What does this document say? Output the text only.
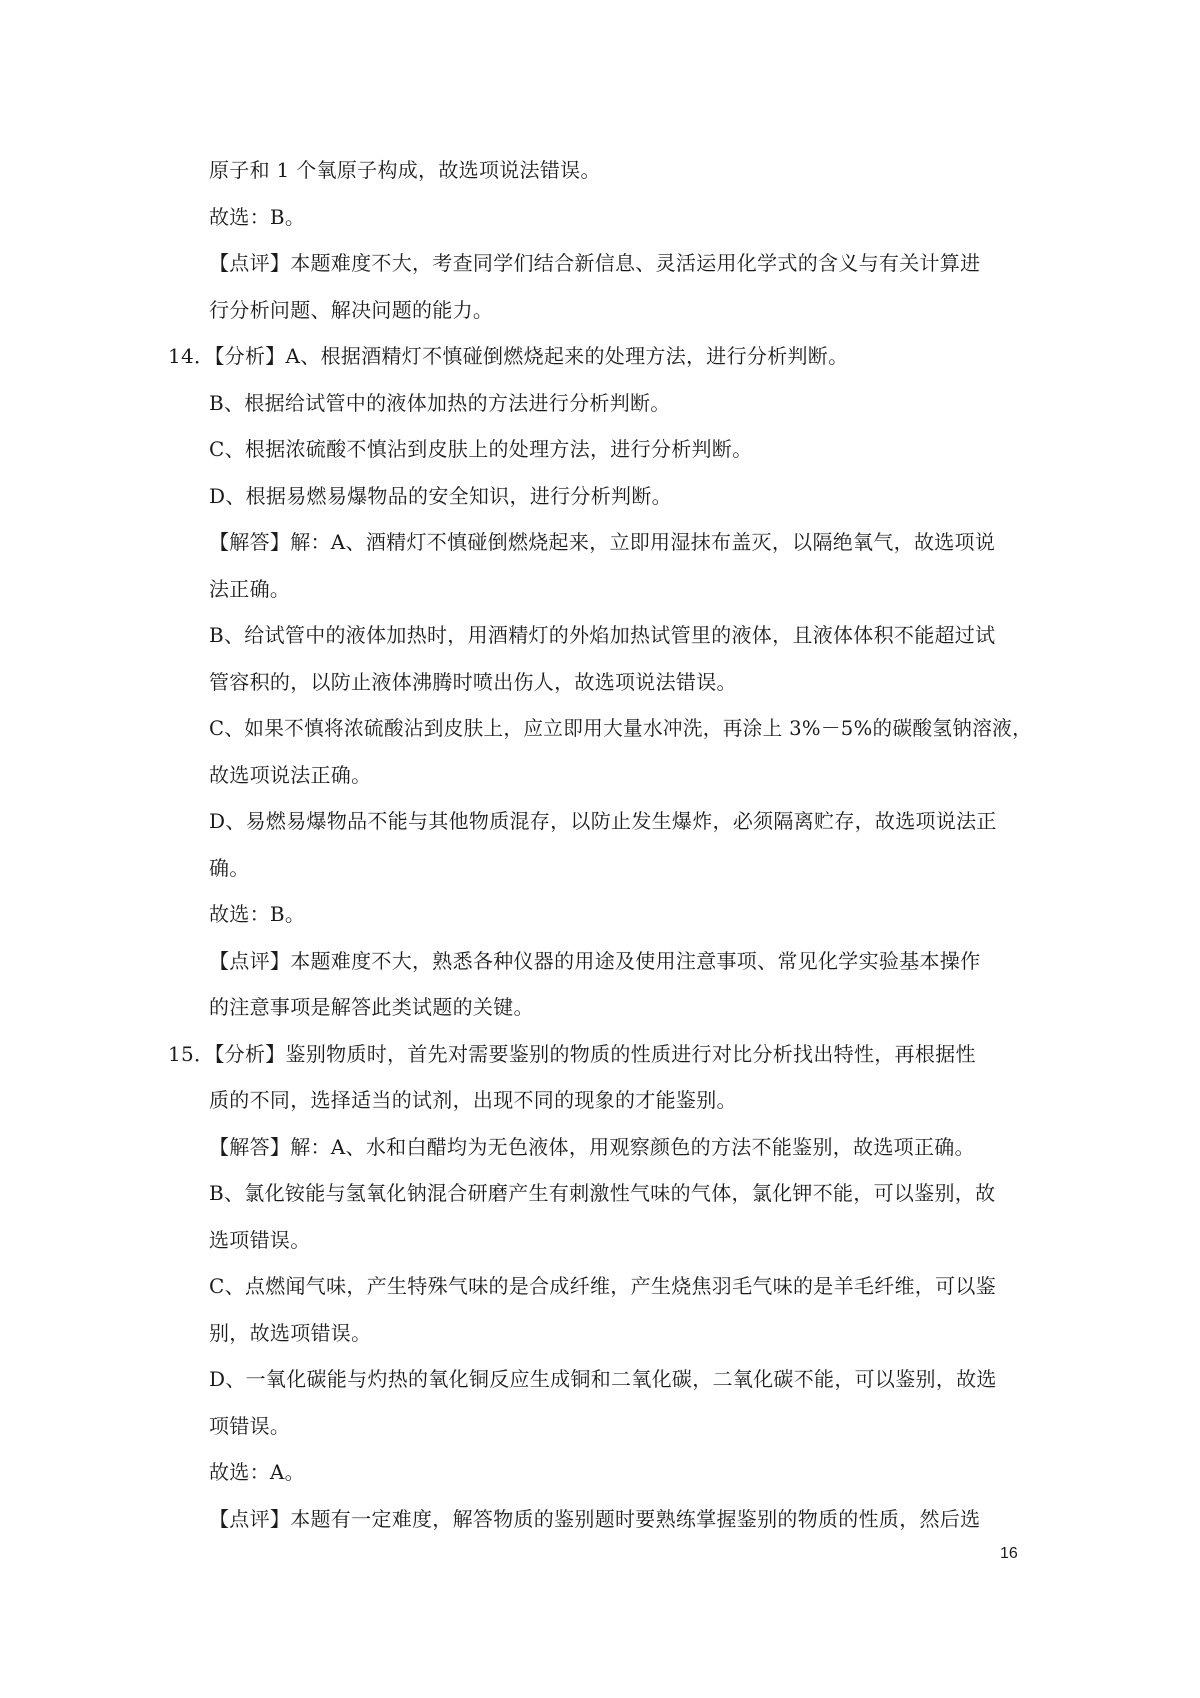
原子和 1 个氧原子构成，故选项说法错误。
故选：B。
【点评】本题难度不大，考查同学们结合新信息、灵活运用化学式的含义与有关计算进
行分析问题、解决问题的能力。
14．【分析】A、根据酒精灯不慎碰倒燃烧起来的处理方法，进行分析判断。
B、根据给试管中的液体加热的方法进行分析判断。
C、根据浓硫酸不慎沾到皮肤上的处理方法，进行分析判断。
D、根据易燃易爆物品的安全知识，进行分析判断。
【解答】解：A、酒精灯不慎碰倒燃烧起来，立即用湿抹布盖灭，以隔绝氧气，故选项说
法正确。
B、给试管中的液体加热时，用酒精灯的外焰加热试管里的液体，且液体体积不能超过试
管容积的，以防止液体沸腾时喷出伤人，故选项说法错误。
C、如果不慎将浓硫酸沾到皮肤上，应立即用大量水冲洗，再涂上 3%－5%的碳酸氢钠溶液，
故选项说法正确。
D、易燃易爆物品不能与其他物质混存，以防止发生爆炸，必须隔离贮存，故选项说法正
确。
故选：B。
【点评】本题难度不大，熟悉各种仪器的用途及使用注意事项、常见化学实验基本操作
的注意事项是解答此类试题的关键。
15．【分析】鉴别物质时，首先对需要鉴别的物质的性质进行对比分析找出特性，再根据性
质的不同，选择适当的试剂，出现不同的现象的才能鉴别。
【解答】解：A、水和白醋均为无色液体，用观察颜色的方法不能鉴别，故选项正确。
B、氯化铵能与氢氧化钠混合研磨产生有刺激性气味的气体，氯化钾不能，可以鉴别，故
选项错误。
C、点燃闻气味，产生特殊气味的是合成纤维，产生烧焦羽毛气味的是羊毛纤维，可以鉴
别，故选项错误。
D、一氧化碳能与灼热的氧化铜反应生成铜和二氧化碳，二氧化碳不能，可以鉴别，故选
项错误。
故选：A。
【点评】本题有一定难度，解答物质的鉴别题时要熟练掌握鉴别的物质的性质，然后选
16
